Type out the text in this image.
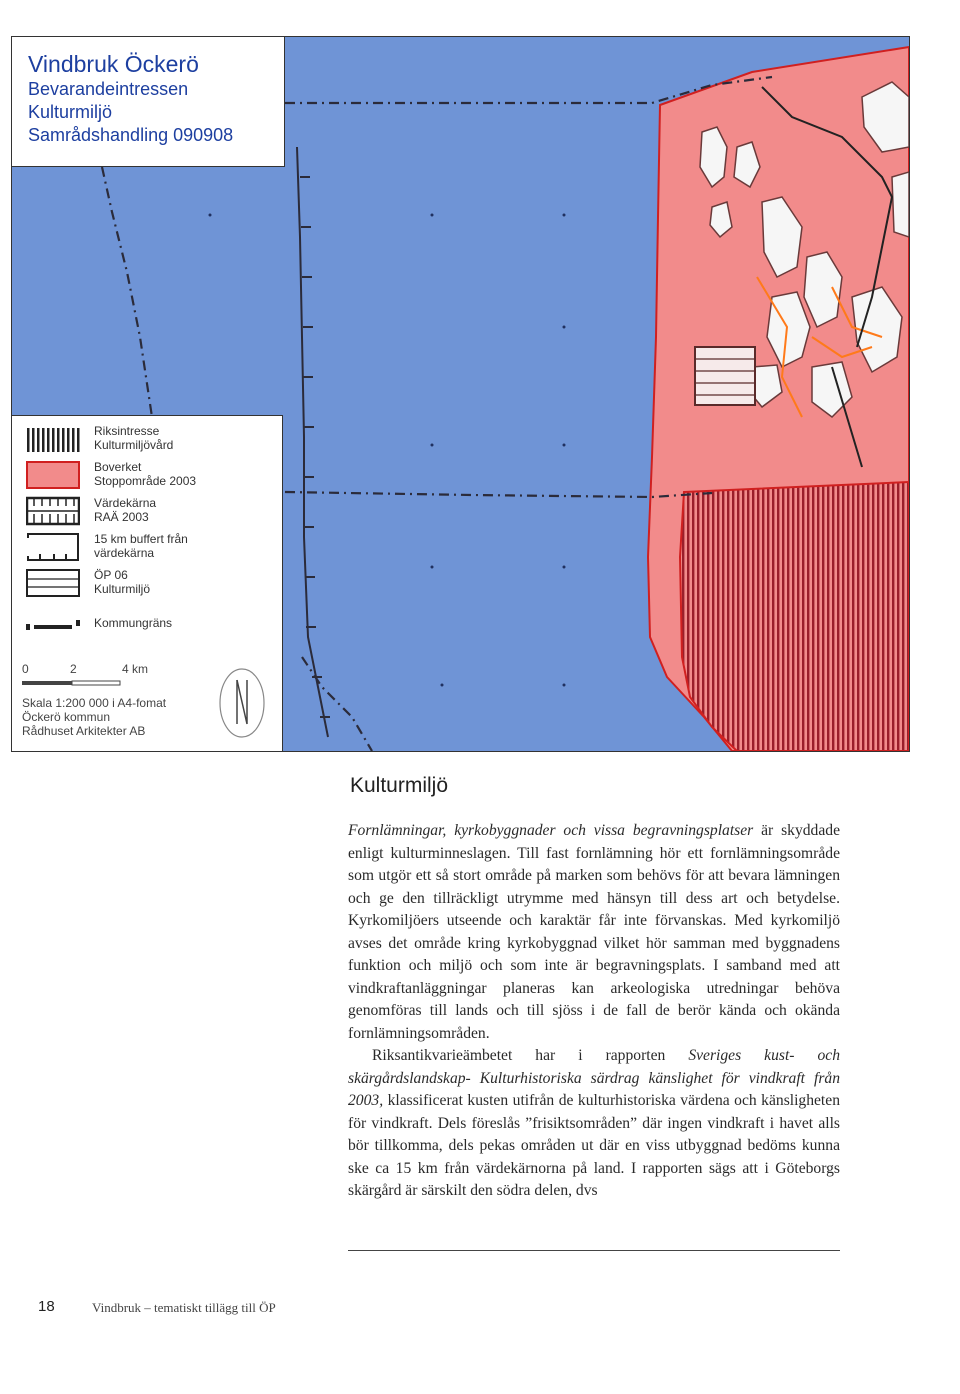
Vindbruk Öckerö
Bevarandeintressen
Kulturmiljö
Samrådshandling 090908
Riksintresse
Kulturmiljövård
Boverket
Stoppområde 2003
Värdekärna
RAÄ 2003
15 km buffert från
värdekärna
ÖP 06
Kulturmiljö
Kommungräns
0	2	4 km
Skala 1:200 000 i A4-fomat
Öckerö kommun
Rådhuset Arkitekter AB
Kulturmiljö

Fornlämningar, kyrkobyggnader och vissa begravningsplatser är skyddade enligt kulturminneslagen. Till fast fornlämning hör ett fornlämningsområde som utgör ett så stort område på marken som behövs för att bevara lämningen och ge den tillräckligt utrymme med hänsyn till dess art och betydelse. Kyrkomiljöers utseende och karaktär får inte förvanskas. Med kyrkomiljö avses det område kring kyrkobyggnad vilket hör samman med byggnadens funktion och miljö och som inte är begravningsplats. I samband med att vindkraftanläggningar planeras kan arkeologiska utredningar behöva genomföras till lands och till sjöss i de fall de berör kända och okända fornlämningsområden.

Riksantikvarieämbetet har i rapporten Sveriges kust- och skärgårdslandskap- Kulturhistoriska särdrag känslighet för vindkraft från 2003, klassificerat kusten utifrån de kulturhistoriska värdena och känsligheten för vindkraft. Dels föreslås ”frisiktsområden” där ingen vindkraft i havet alls bör tillkomma, dels pekas områden ut där en viss utbyggnad bedöms kunna ske ca 15 km från värdekärnorna på land. I rapporten sägs att i Göteborgs skärgård är särskilt den södra delen, dvs

18	Vindbruk – tematiskt tillägg till ÖP
